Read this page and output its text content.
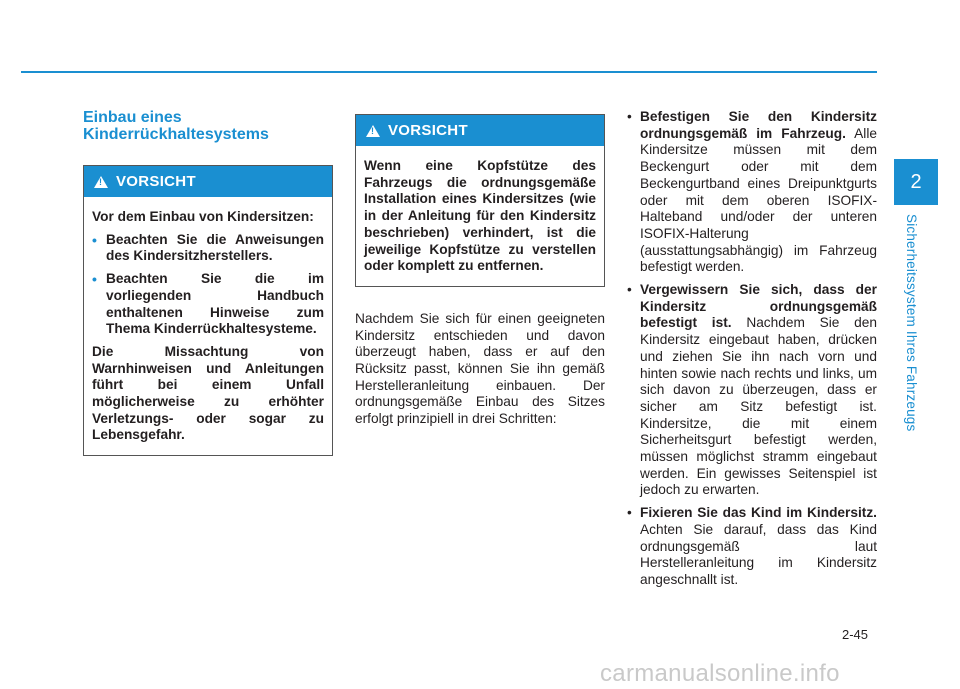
2
Sicherheitssystem Ihres Fahrzeugs
Einbau eines
Kinderrückhaltesystems
!
VORSICHT

Vor dem Einbau von Kindersitzen:

• Beachten Sie die Anweisungen des Kindersitzherstellers.
• Beachten Sie die im vorliegenden Handbuch enthaltenen Hinweise zum Thema Kinderrückhaltesysteme.

Die Missachtung von Warnhinweisen und Anleitungen führt bei einem Unfall möglicherweise zu erhöhter Verletzungs- oder sogar zu Lebensgefahr.

!
VORSICHT

Wenn eine Kopfstütze des Fahrzeugs die ordnungsgemäße Installation eines Kindersitzes (wie in der Anleitung für den Kindersitz beschrieben) verhindert, ist die jeweilige Kopfstütze zu verstellen oder komplett zu entfernen.

Nachdem Sie sich für einen geeigneten Kindersitz entschieden und davon überzeugt haben, dass er auf den Rücksitz passt, können Sie ihn gemäß Herstelleranleitung einbauen. Der ordnungsgemäße Einbau des Sitzes erfolgt prinzipiell in drei Schritten:

• Befestigen Sie den Kindersitz ordnungsgemäß im Fahrzeug. Alle Kindersitze müssen mit dem Beckengurt oder mit dem Beckengurtband eines Dreipunktgurts oder mit dem oberen ISOFIX-Halteband und/oder der unteren ISOFIX-Halterung (ausstattungsabhängig) im Fahrzeug befestigt werden.
• Vergewissern Sie sich, dass der Kindersitz ordnungsgemäß befestigt ist. Nachdem Sie den Kindersitz eingebaut haben, drücken und ziehen Sie ihn nach vorn und hinten sowie nach rechts und links, um sich davon zu überzeugen, dass er sicher am Sitz befestigt ist. Kindersitze, die mit einem Sicherheitsgurt befestigt werden, müssen möglichst stramm eingebaut werden. Ein gewisses Seitenspiel ist jedoch zu erwarten.
• Fixieren Sie das Kind im Kindersitz. Achten Sie darauf, dass das Kind ordnungsgemäß laut Herstelleranleitung im Kindersitz angeschnallt ist.
2-45
carmanualsonline.info
